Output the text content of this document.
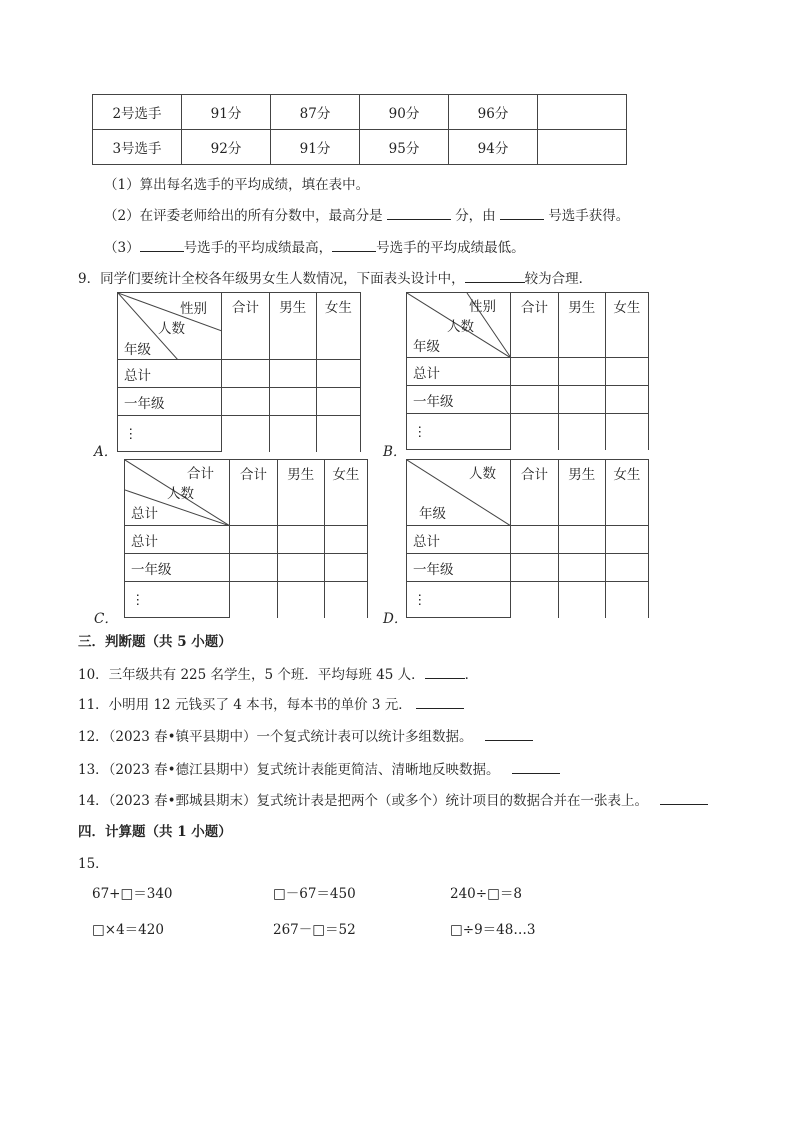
2号选手	91分	87分	90分	96分	
3号选手	92分	91分	95分	94分	
（1）算出每名选手的平均成绩，填在表中。
（2）在评委老师给出的所有分数中，最高分是	分，由	号选手获得。
（3）	号选手的平均成绩最高，	号选手的平均成绩最低。
9．同学们要统计全校各年级男女生人数情况，下面表头设计中，	较为合理．
A．
性别
人数
年级	合计	男生	女生
总计			
一年级			
⋮			
B．
性别
人数
年级	合计	男生	女生
总计			
一年级			
⋮			
C．
合计
人数
总计	合计	男生	女生
总计			
一年级			
⋮			
D．
人数
年级	合计	男生	女生
总计			
一年级			
⋮			
三．判断题（共 5 小题）
10．三年级共有 225 名学生，5 个班．平均每班 45 人．	．
11．小明用 12 元钱买了 4 本书，每本书的单价 3 元．
12．（2023 春•镇平县期中）一个复式统计表可以统计多组数据。
13．（2023 春•德江县期中）复式统计表能更简洁、清晰地反映数据。
14．（2023 春•鄄城县期末）复式统计表是把两个（或多个）统计项目的数据合并在一张表上。
四．计算题（共 1 小题）
15．
67+□＝340	□－67＝450	240÷□＝8
□×4＝420	267－□＝52	□÷9＝48…3
